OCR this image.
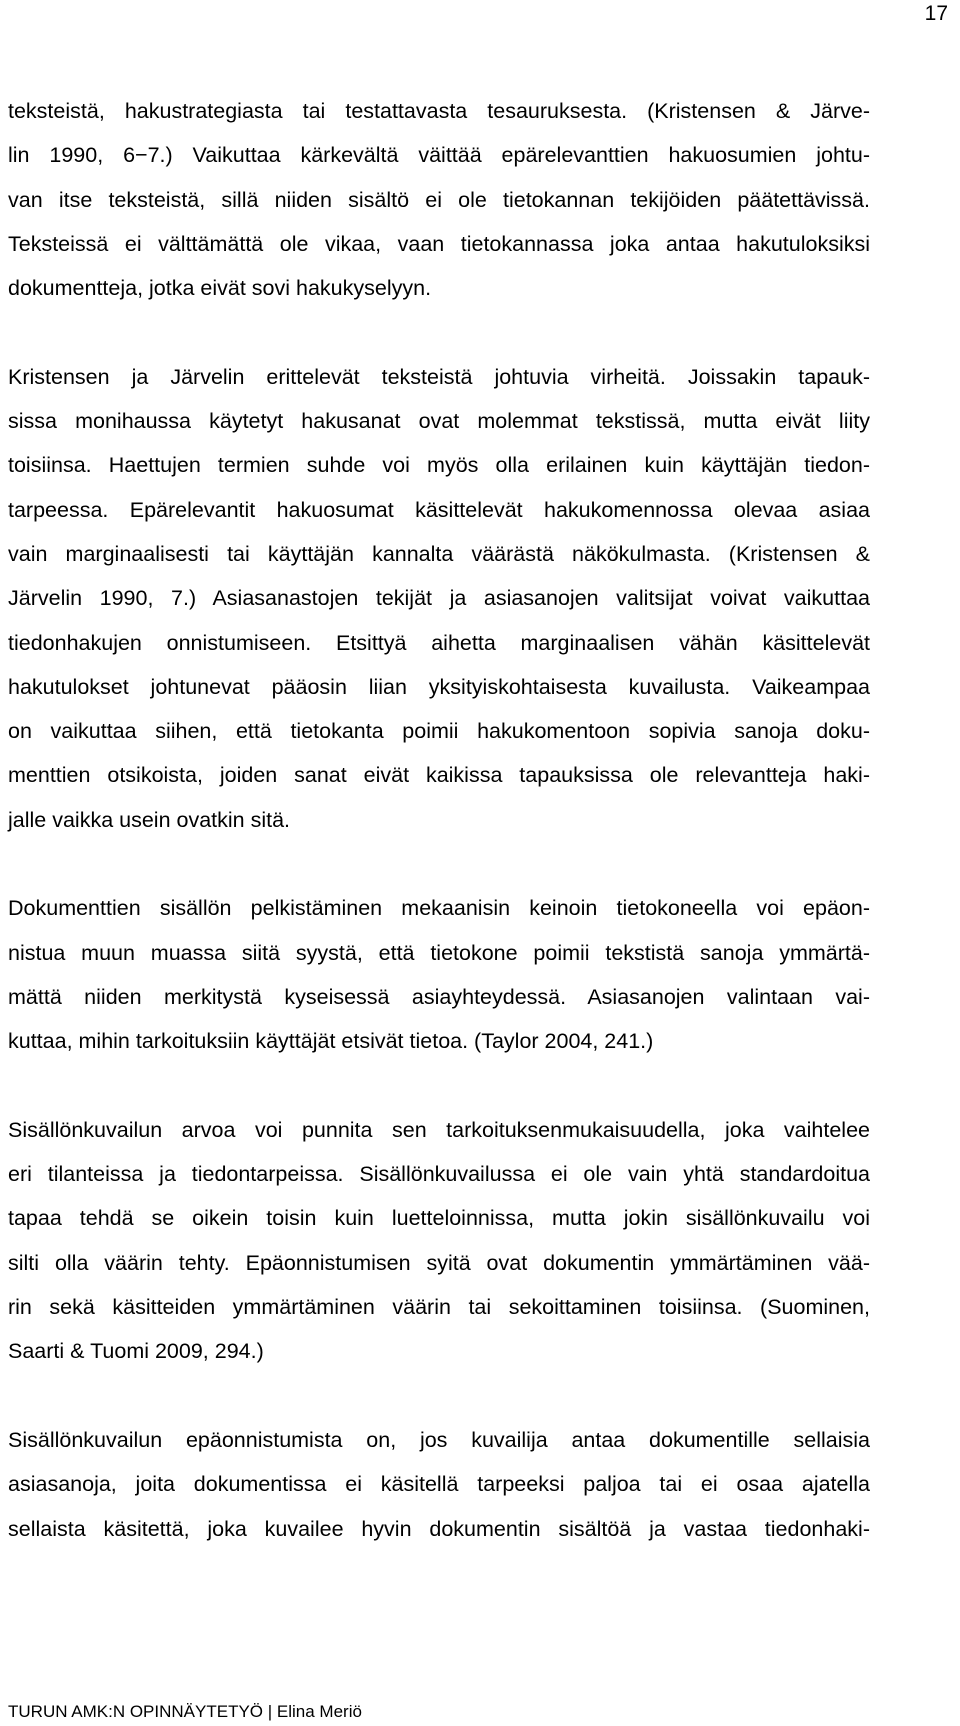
17

teksteistä, hakustrategiasta tai testattavasta tesauruksesta. (Kristensen & Järve-
lin 1990, 6−7.) Vaikuttaa kärkevältä väittää epärelevanttien hakuosumien johtu-
van itse teksteistä, sillä niiden sisältö ei ole tietokannan tekijöiden päätettävissä.
Teksteissä ei välttämättä ole vikaa, vaan tietokannassa joka antaa hakutuloksiksi
dokumentteja, jotka eivät sovi hakukyselyyn.

Kristensen ja Järvelin erittelevät teksteistä johtuvia virheitä. Joissakin tapauk-
sissa monihaussa käytetyt hakusanat ovat molemmat tekstissä, mutta eivät liity
toisiinsa. Haettujen termien suhde voi myös olla erilainen kuin käyttäjän tiedon-
tarpeessa. Epärelevantit hakuosumat käsittelevät hakukomennossa olevaa asiaa
vain marginaalisesti tai käyttäjän kannalta väärästä näkökulmasta. (Kristensen &
Järvelin 1990, 7.) Asiasanastojen tekijät ja asiasanojen valitsijat voivat vaikuttaa
tiedonhakujen onnistumiseen. Etsittyä aihetta marginaalisen vähän käsittelevät
hakutulokset johtunevat pääosin liian yksityiskohtaisesta kuvailusta. Vaikeampaa
on vaikuttaa siihen, että tietokanta poimii hakukomentoon sopivia sanoja doku-
menttien otsikoista, joiden sanat eivät kaikissa tapauksissa ole relevantteja haki-
jalle vaikka usein ovatkin sitä.

Dokumenttien sisällön pelkistäminen mekaanisin keinoin tietokoneella voi epäon-
nistua muun muassa siitä syystä, että tietokone poimii tekstistä sanoja ymmärtä-
mättä niiden merkitystä kyseisessä asiayhteydessä. Asiasanojen valintaan vai-
kuttaa, mihin tarkoituksiin käyttäjät etsivät tietoa. (Taylor 2004, 241.)

Sisällönkuvailun arvoa voi punnita sen tarkoituksenmukaisuudella, joka vaihtelee
eri tilanteissa ja tiedontarpeissa. Sisällönkuvailussa ei ole vain yhtä standardoitua
tapaa tehdä se oikein toisin kuin luetteloinnissa, mutta jokin sisällönkuvailu voi
silti olla väärin tehty. Epäonnistumisen syitä ovat dokumentin ymmärtäminen vää-
rin sekä käsitteiden ymmärtäminen väärin tai sekoittaminen toisiinsa. (Suominen,
Saarti & Tuomi 2009, 294.)

Sisällönkuvailun epäonnistumista on, jos kuvailija antaa dokumentille sellaisia
asiasanoja, joita dokumentissa ei käsitellä tarpeeksi paljoa tai ei osaa ajatella
sellaista käsitettä, joka kuvailee hyvin dokumentin sisältöä ja vastaa tiedonhaki-

TURUN AMK:N OPINNÄYTETYÖ | Elina Meriö
